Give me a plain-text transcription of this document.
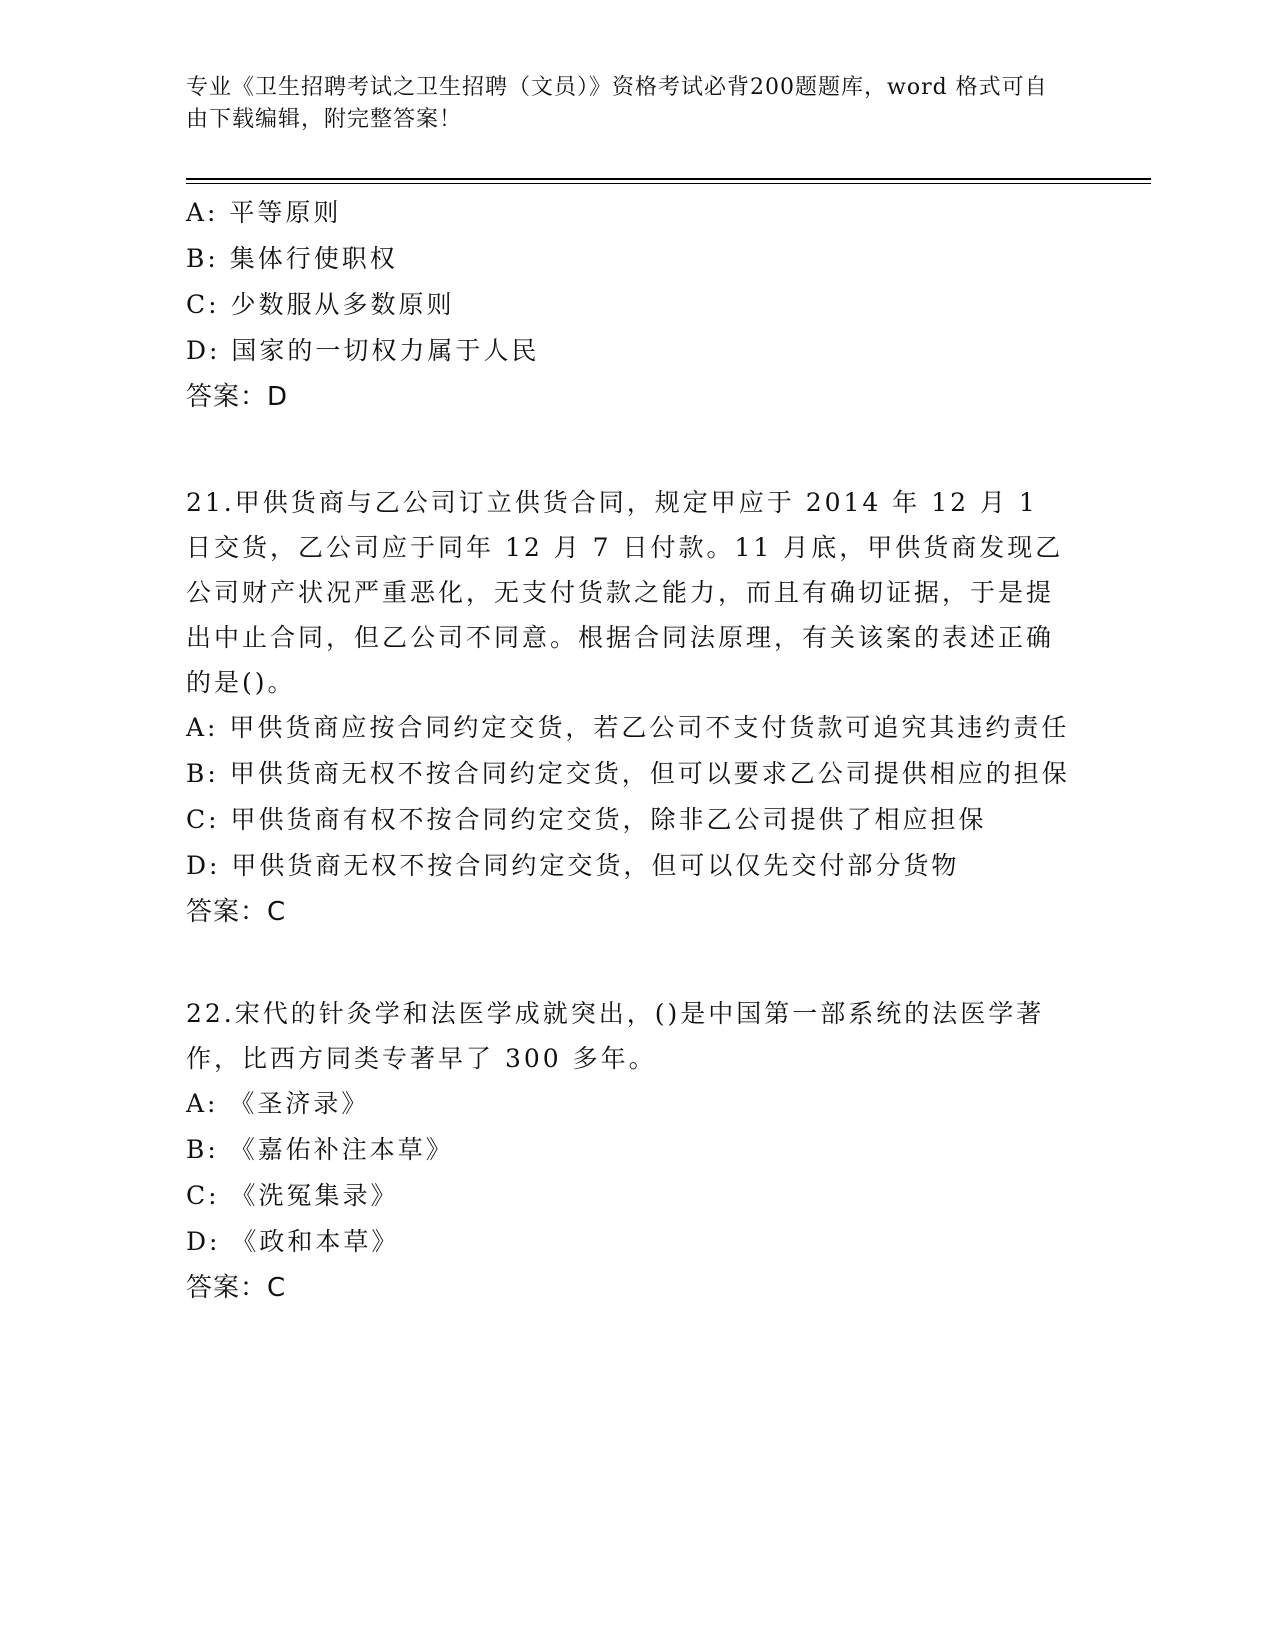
专业《卫生招聘考试之卫生招聘（文员）》资格考试必背200题题库，word 格式可自由下载编辑，附完整答案！
A: 平等原则
B: 集体行使职权
C: 少数服从多数原则
D: 国家的一切权力属于人民
答案：D
21.甲供货商与乙公司订立供货合同，规定甲应于 2014 年 12 月 1 日交货，乙公司应于同年 12 月 7 日付款。11 月底，甲供货商发现乙公司财产状况严重恶化，无支付货款之能力，而且有确切证据，于是提出中止合同，但乙公司不同意。根据合同法原理，有关该案的表述正确的是()。
A: 甲供货商应按合同约定交货，若乙公司不支付货款可追究其违约责任
B: 甲供货商无权不按合同约定交货，但可以要求乙公司提供相应的担保
C: 甲供货商有权不按合同约定交货，除非乙公司提供了相应担保
D: 甲供货商无权不按合同约定交货，但可以仅先交付部分货物
答案：C
22.宋代的针灸学和法医学成就突出，()是中国第一部系统的法医学著作，比西方同类专著早了 300 多年。
A: 《圣济录》
B: 《嘉佑补注本草》
C: 《洗冤集录》
D: 《政和本草》
答案：C
